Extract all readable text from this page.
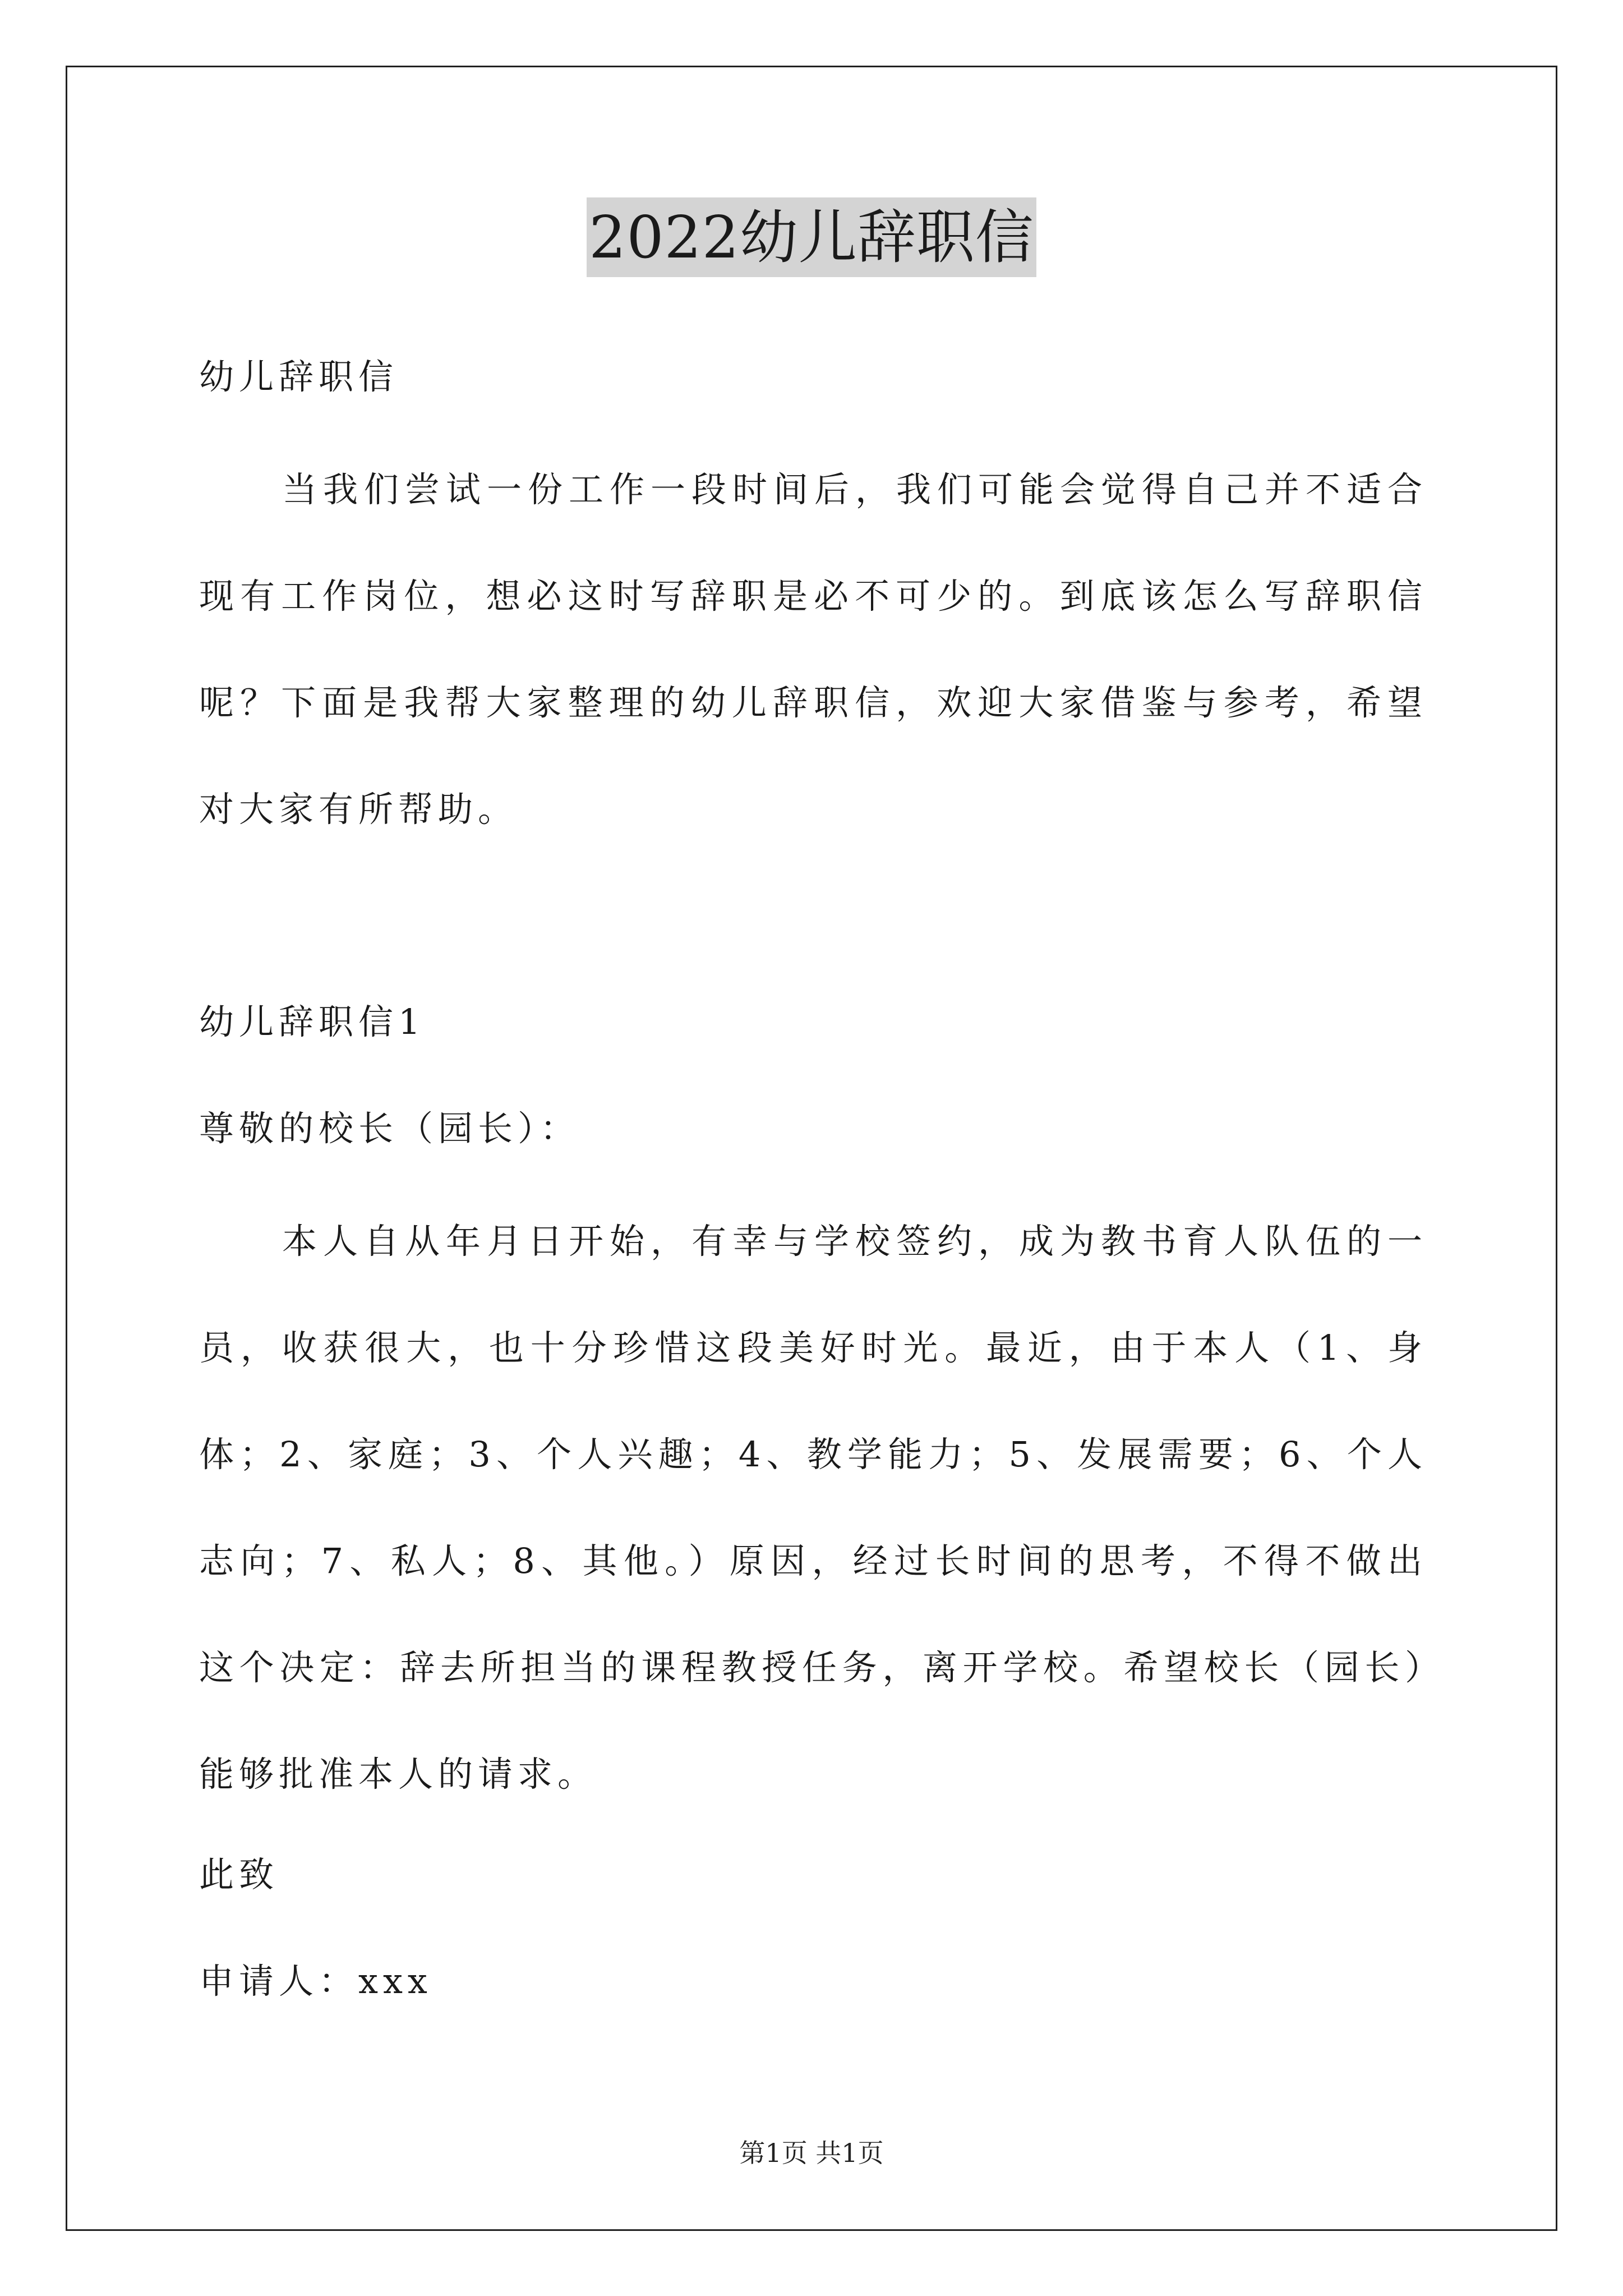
2022幼儿辞职信
幼儿辞职信

当我们尝试一份工作一段时间后，我们可能会觉得自己并不适合现有工作岗位，想必这时写辞职是必不可少的。到底该怎么写辞职信呢？下面是我帮大家整理的幼儿辞职信，欢迎大家借鉴与参考，希望对大家有所帮助。

幼儿辞职信1
尊敬的校长（园长）：

本人自从年月日开始，有幸与学校签约，成为教书育人队伍的一员，收获很大，也十分珍惜这段美好时光。最近，由于本人（1、身体；2、家庭；3、个人兴趣；4、教学能力；5、发展需要；6、个人志向；7、私人；8、其他。）原因，经过长时间的思考，不得不做出这个决定：辞去所担当的课程教授任务，离开学校。希望校长（园长）能够批准本人的请求。

此致
申请人：xxx
第1页 共1页
